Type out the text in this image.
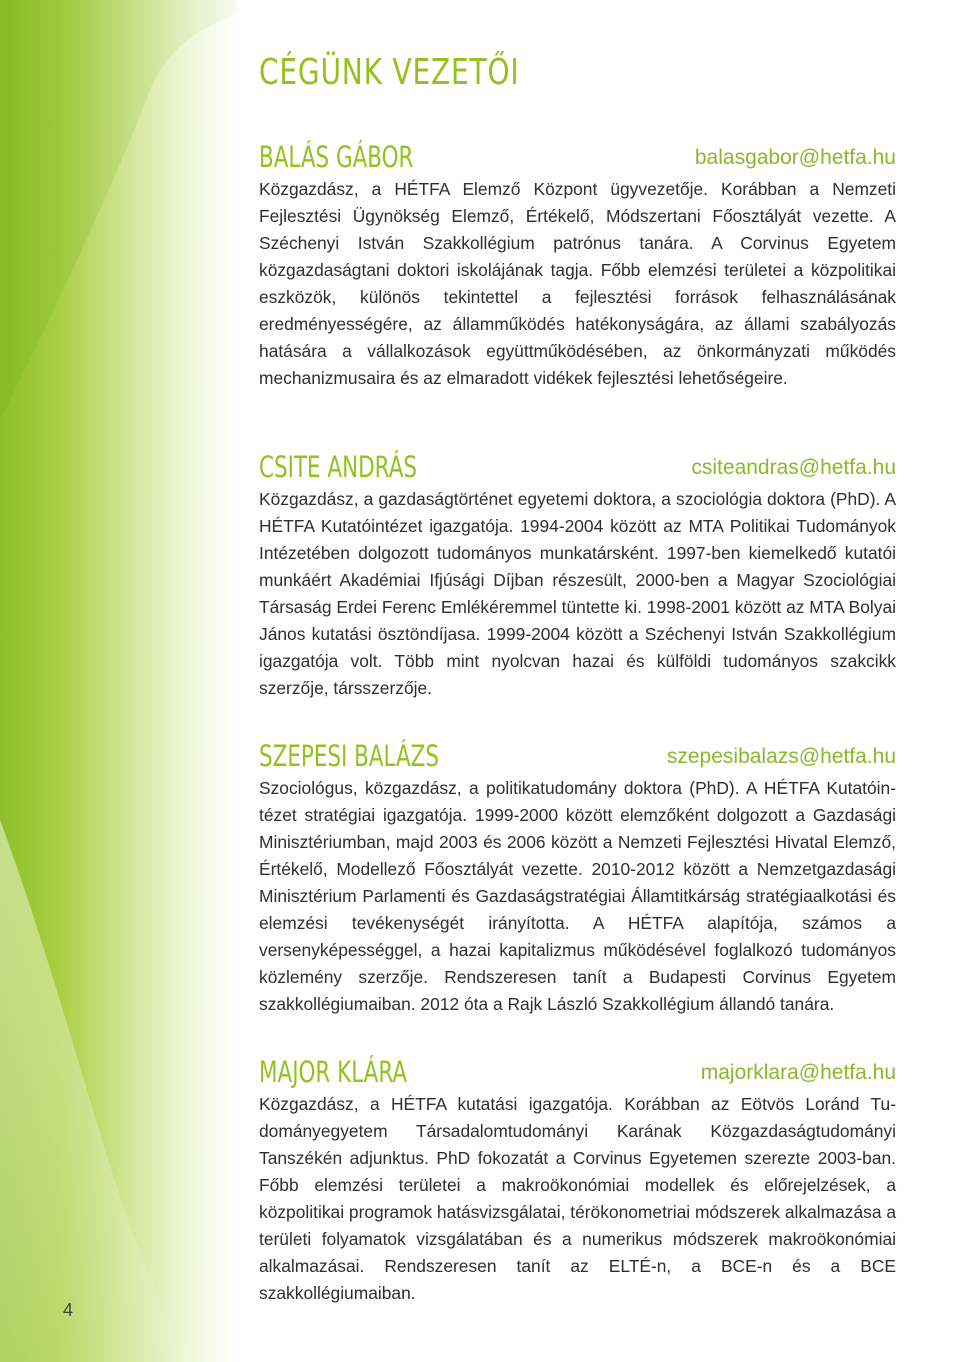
CÉGÜNK VEZETŐI
BALÁS GÁBOR	balasgabor@hetfa.hu

Közgazdász, a HÉTFA Elemző Központ ügyvezetője. Korábban a Nemzeti Fejlesztési Ügynökség Elemző, Értékelő, Módszertani Főosztályát vezette. A Széchenyi István Szakkollégium patrónus tanára. A Corvinus Egyetem közgazdaságtani doktori iskolájának tagja. Főbb elemzési területei a közpolitikai eszközök, különös tekintettel a fejlesztési források felhasználásának eredményességére, az államműködés hatékonyságára, az állami szabályozás hatására a vállalkozások együttműködésében, az önkormányzati működés mechanizmusaira és az elmaradott vidékek fejlesztési lehetőségeire.

CSITE ANDRÁS	csiteandras@hetfa.hu

Közgazdász, a gazdaságtörténet egyetemi doktora, a szociológia doktora (PhD). A HÉTFA Kutatóintézet igazgatója. 1994-2004 között az MTA Politikai Tudományok Intézetében dolgozott tudományos munkatársként. 1997-ben kiemelkedő kutatói munkáért Akadémiai Ifjúsági Díjban részesült, 2000-ben a Magyar Szociológiai Társaság Erdei Ferenc Emlékéremmel tüntette ki. 1998-2001 között az MTA Bolyai János kutatási ösztöndíjasa. 1999-2004 között a Széchenyi István Szakkollégium igazgatója volt. Több mint nyolcvan hazai és külföldi tudományos szakcikk szerzője, társszerzője.

SZEPESI BALÁZS	szepesibalazs@hetfa.hu

Szociológus, közgazdász, a politikatudomány doktora (PhD). A HÉTFA Kutatóintézet stratégiai igazgatója. 1999-2000 között elemzőként dolgozott a Gazdasági Minisztériumban, majd 2003 és 2006 között a Nemzeti Fejlesztési Hivatal Elemző, Értékelő, Modellező Főosztályát vezette. 2010-2012 között a Nemzetgazdasági Minisztérium Parlamenti és Gazdaságstratégiai Államtitkárság stratégiaalkotási és elemzési tevékenységét irányította. A HÉTFA alapítója, számos a versenyképességgel, a hazai kapitalizmus működésével foglalkozó tudományos közlemény szerzője. Rendszeresen tanít a Budapesti Corvinus Egyetem szakkollégiumaiban. 2012 óta a Rajk László Szakkollégium állandó tanára.

MAJOR KLÁRA	majorklara@hetfa.hu

Közgazdász, a HÉTFA kutatási igazgatója. Korábban az Eötvös Loránd Tudományegyetem Társadalomtudományi Karának Közgazdaságtudományi Tanszékén adjunktus. PhD fokozatát a Corvinus Egyetemen szerezte 2003-ban. Főbb elemzési területei a makroökonómiai modellek és előrejelzések, a közpolitikai programok hatásvizsgálatai, térökonometriai módszerek alkalmazása a területi folyamatok vizsgálatában és a numerikus módszerek makroökonómiai alkalmazásai. Rendszeresen tanít az ELTÉ-n, a BCE-n és a BCE szakkollégiumaiban.

4
